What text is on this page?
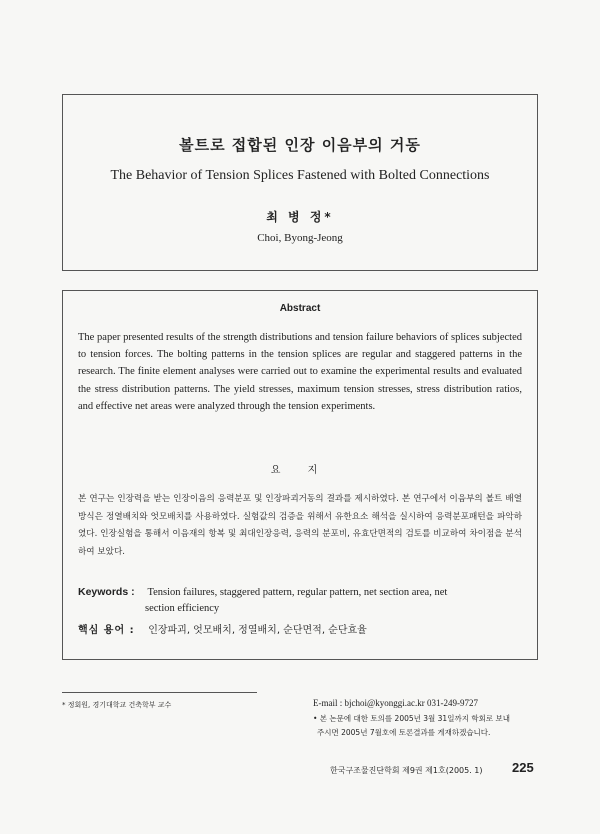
볼트로 접합된 인장 이음부의 거동
The Behavior of Tension Splices Fastened with Bolted Connections
최 병 정*
Choi, Byong-Jeong
Abstract
The paper presented results of the strength distributions and tension failure behaviors of splices subjected to tension forces. The bolting patterns in the tension splices are regular and staggered patterns in the research. The finite element analyses were carried out to examine the experimental results and evaluated the stress distribution patterns. The yield stresses, maximum tension stresses, stress distribution ratios, and effective net areas were analyzed through the tension experiments.
요 지
본 연구는 인장력을 받는 인장이음의 응력분포 및 인장파괴거동의 결과를 제시하였다. 본 연구에서 이음부의 볼트 배열방식은 정열배치와 엇모배치를 사용하였다. 실험값의 검증을 위해서 유한요소 해석을 실시하여 응력분포패턴을 파악하였다. 인장실험을 통해서 이음재의 항복 및 최대인장응력, 응력의 분포비, 유효단면적의 검토를 비교하여 차이점을 분석하여 보았다.
Keywords : Tension failures, staggered pattern, regular pattern, net section area, net
section efficiency
핵심 용어 : 인장파괴, 엇모배치, 정열배치, 순단면적, 순단효율
* 정회원, 경기대학교 건축학부 교수	E-mail : bjchoi@kyonggi.ac.kr 031-249-9727
• 본 논문에 대한 토의를 2005년 3월 31일까지 학회로 보내
주시면 2005년 7월호에 토론결과를 게재하겠습니다.
한국구조물진단학회 제9권 제1호(2005. 1) 225
